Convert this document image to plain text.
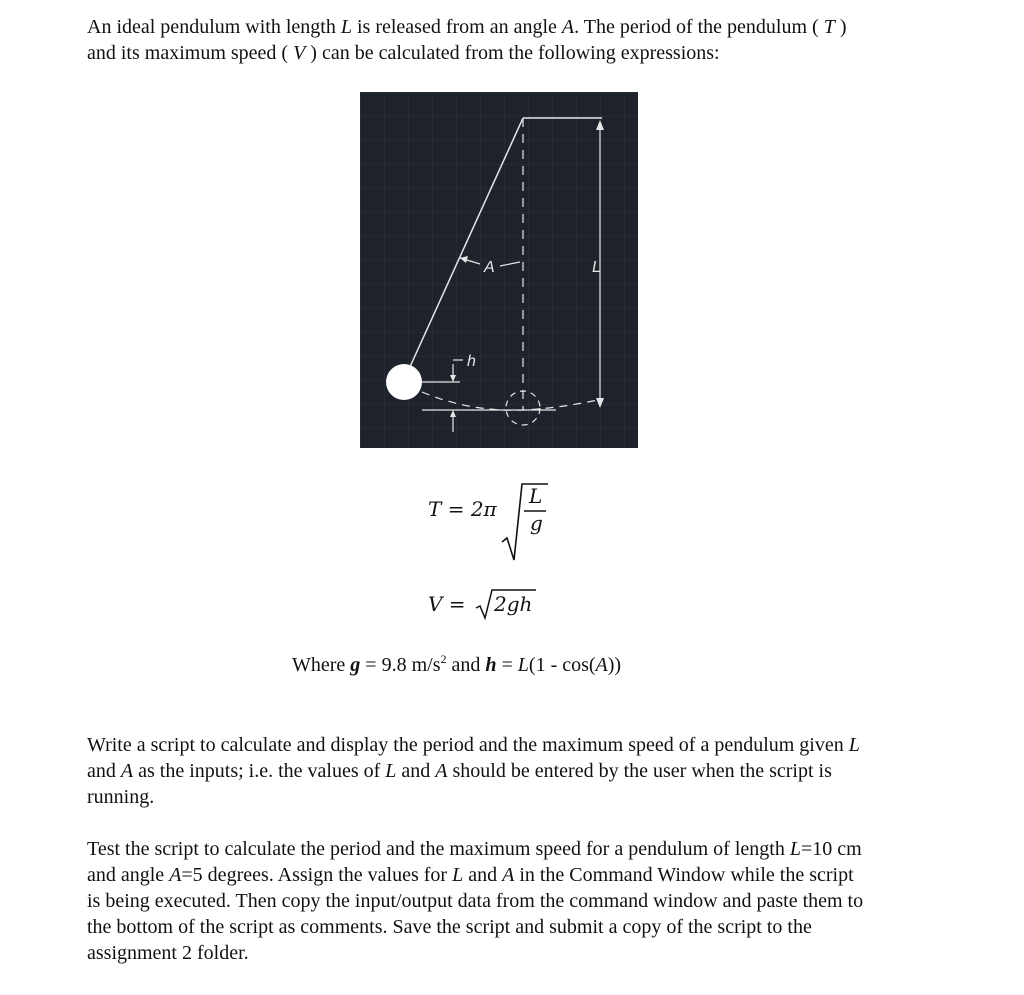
An ideal pendulum with length L is released from an angle A. The period of the pendulum ( T )
and its maximum speed ( V ) can be calculated from the following expressions:
h
A	L
T = 2π
L
g
V = 2gh
Where g = 9.8 $m/s^2$ and h = L(1 - cos(A))
Write a script to calculate and display the period and the maximum speed of a pendulum given L
and A as the inputs; i.e. the values of L and A should be entered by the user when the script is
running.
Test the script to calculate the period and the maximum speed for a pendulum of length L=10 cm
and angle A=5 degrees. Assign the values for L and A in the Command Window while the script
is being executed. Then copy the input/output data from the command window and paste them to
the bottom of the script as comments. Save the script and submit a copy of the script to the
assignment 2 folder.
